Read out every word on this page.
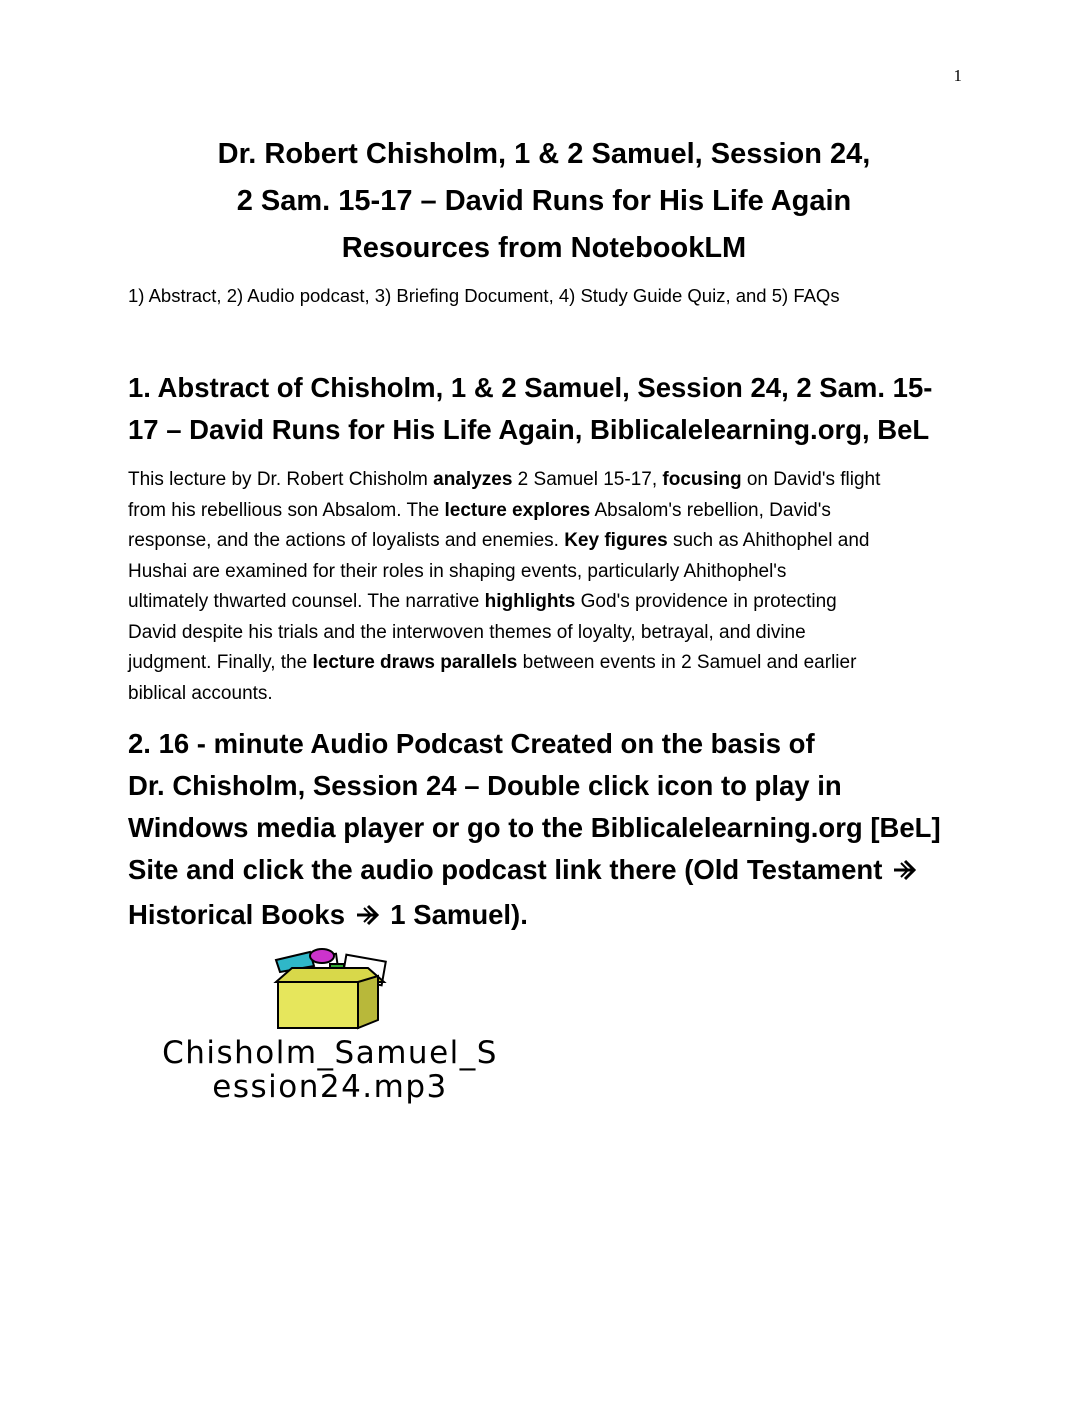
1
Dr. Robert Chisholm, 1 & 2 Samuel, Session 24,
2 Sam. 15-17 – David Runs for His Life Again
Resources from NotebookLM
1) Abstract, 2) Audio podcast, 3) Briefing Document, 4) Study Guide Quiz, and 5) FAQs
1. Abstract of Chisholm, 1 & 2 Samuel, Session 24, 2 Sam. 15-
17 – David Runs for His Life Again, Biblicalelearning.org, BeL
This lecture by Dr. Robert Chisholm analyzes 2 Samuel 15-17, focusing on David's flight
from his rebellious son Absalom. The lecture explores Absalom's rebellion, David's
response, and the actions of loyalists and enemies. Key figures such as Ahithophel and
Hushai are examined for their roles in shaping events, particularly Ahithophel's
ultimately thwarted counsel. The narrative highlights God's providence in protecting
David despite his trials and the interwoven themes of loyalty, betrayal, and divine
judgment. Finally, the lecture draws parallels between events in 2 Samuel and earlier
biblical accounts.
2. 16 - minute Audio Podcast Created on the basis of
Dr. Chisholm, Session 24 – Double click icon to play in
Windows media player or go to the Biblicalelearning.org [BeL]
Site and click the audio podcast link there (Old Testament
Historical Books 1 Samuel).
Chisholm_Samuel_S
ession24.mp3
